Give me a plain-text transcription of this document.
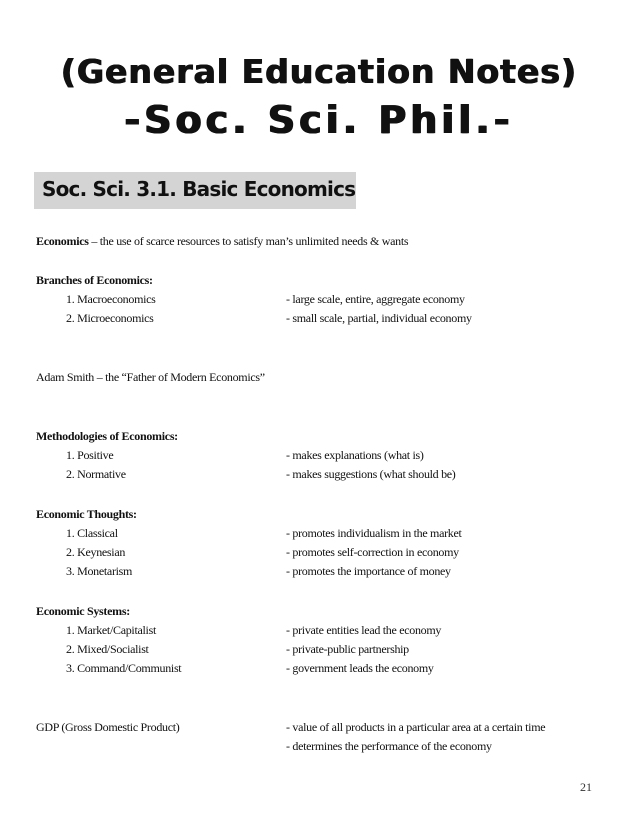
(General Education Notes)
-Soc. Sci. Phil.-
Soc. Sci. 3.1. Basic Economics
Economics – the use of scarce resources to satisfy man’s unlimited needs & wants
Branches of Economics:
1. Macroeconomics	- large scale, entire, aggregate economy
2. Microeconomics	- small scale, partial, individual economy
Adam Smith – the “Father of Modern Economics”
Methodologies of Economics:
1. Positive	- makes explanations (what is)
2. Normative	- makes suggestions (what should be)
Economic Thoughts:
1. Classical	- promotes individualism in the market
2. Keynesian	- promotes self-correction in economy
3. Monetarism	- promotes the importance of money
Economic Systems:
1. Market/Capitalist	- private entities lead the economy
2. Mixed/Socialist	- private-public partnership
3. Command/Communist	- government leads the economy
GDP (Gross Domestic Product)	- value of all products in a particular area at a certain time
- determines the performance of the economy
21
